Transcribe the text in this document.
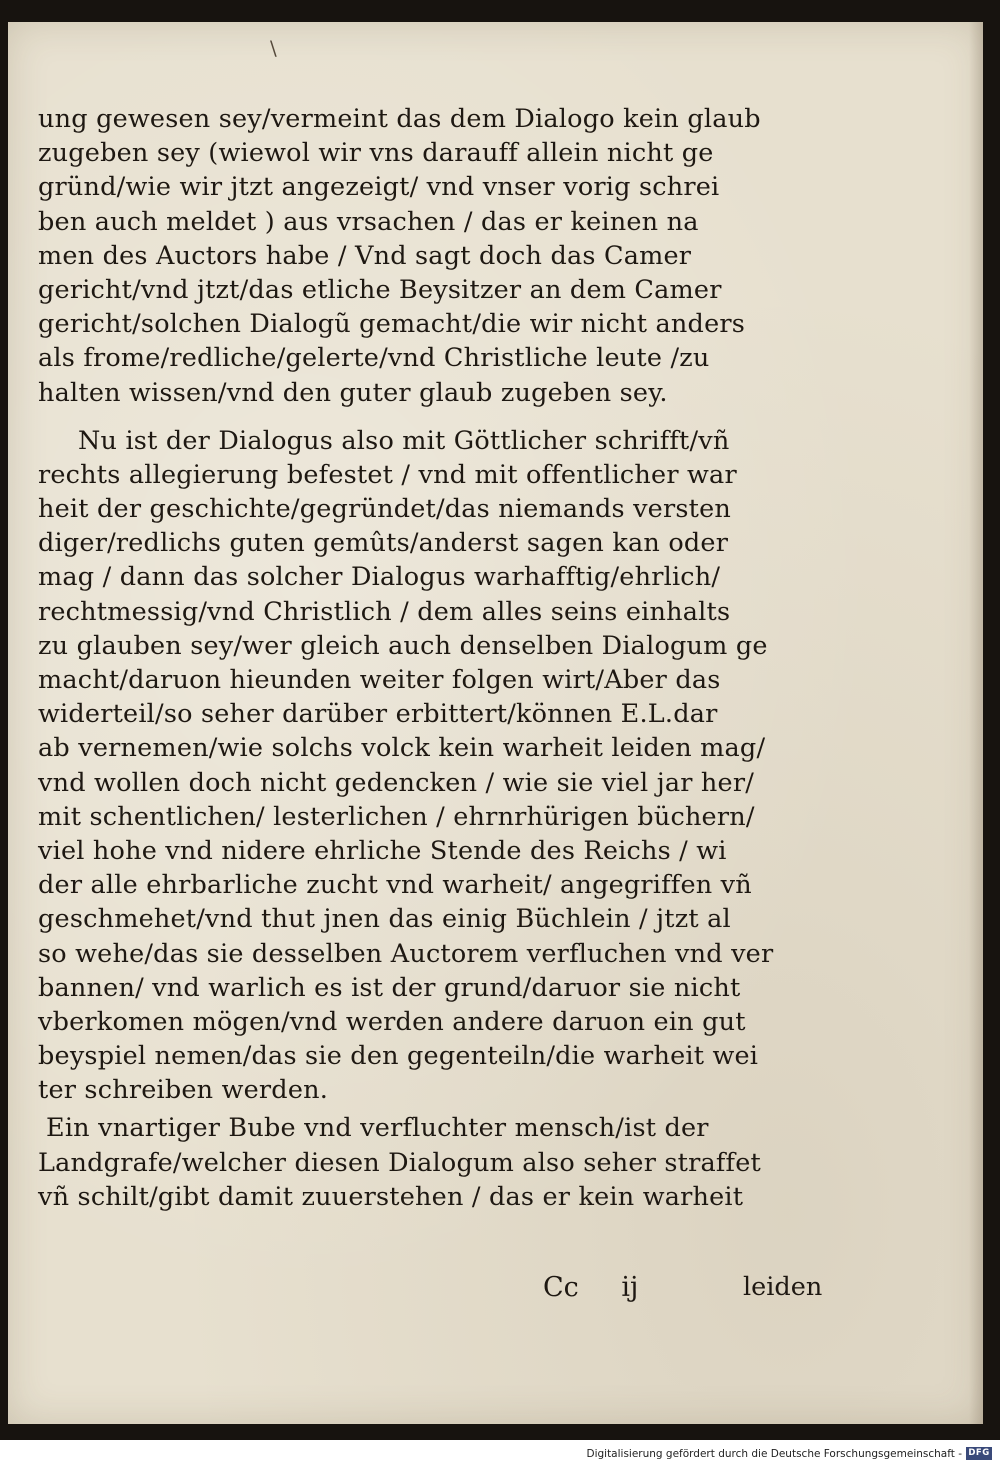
\
ung gewesen sey/vermeint das dem Dialogo kein glaub
zugeben sey (wiewol wir vns darauff allein nicht ge
gründ/wie wir jtzt angezeigt/ vnd vnser vorig schrei
ben auch meldet ) aus vrsachen / das er keinen na
men des Auctors habe / Vnd sagt doch das Camer
gericht/vnd jtzt/das etliche Beysitzer an dem Camer
gericht/solchen Dialogũ gemacht/die wir nicht anders
als frome/redliche/gelerte/vnd Christliche leute /zu
halten wissen/vnd den guter glaub zugeben sey.
Nu ist der Dialogus also mit Göttlicher schrifft/vñ
rechts allegierung befestet / vnd mit offentlicher war
heit der geschichte/gegründet/das niemands versten
diger/redlichs guten gemûts/anderst sagen kan oder
mag / dann das solcher Dialogus warhafftig/ehrlich/
rechtmessig/vnd Christlich / dem alles seins einhalts
zu glauben sey/wer gleich auch denselben Dialogum ge
macht/daruon hieunden weiter folgen wirt/Aber das
widerteil/so seher darüber erbittert/können E.L.dar
ab vernemen/wie solchs volck kein warheit leiden mag/
vnd wollen doch nicht gedencken / wie sie viel jar her/
mit schentlichen/ lesterlichen / ehrnrhürigen büchern/
viel hohe vnd nidere ehrliche Stende des Reichs / wi
der alle ehrbarliche zucht vnd warheit/ angegriffen vñ
geschmehet/vnd thut jnen das einig Büchlein / jtzt al
so wehe/das sie desselben Auctorem verfluchen vnd ver
bannen/ vnd warlich es ist der grund/daruor sie nicht
vberkomen mögen/vnd werden andere daruon ein gut
beyspiel nemen/das sie den gegenteiln/die warheit wei
ter schreiben werden.
Ein vnartiger Bube vnd verfluchter mensch/ist der
Landgrafe/welcher diesen Dialogum also seher straffet
vñ schilt/gibt damit zuuerstehen / das er kein warheit
Cc ij	leiden
Digitalisierung gefördert durch die Deutsche Forschungsgemeinschaft - DFG
